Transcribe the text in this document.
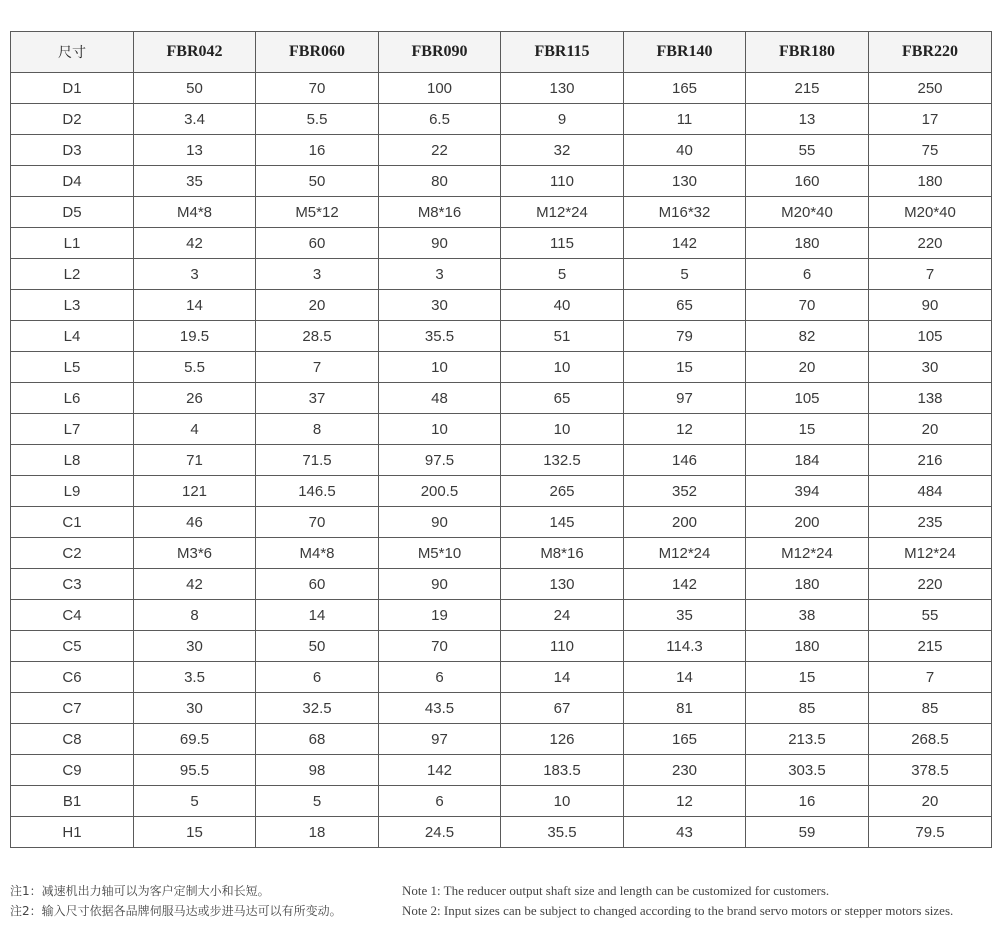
尺寸	FBR042	FBR060	FBR090	FBR115	FBR140	FBR180	FBR220
D1	50	70	100	130	165	215	250
D2	3.4	5.5	6.5	9	11	13	17
D3	13	16	22	32	40	55	75
D4	35	50	80	110	130	160	180
D5	M4*8	M5*12	M8*16	M12*24	M16*32	M20*40	M20*40
L1	42	60	90	115	142	180	220
L2	3	3	3	5	5	6	7
L3	14	20	30	40	65	70	90
L4	19.5	28.5	35.5	51	79	82	105
L5	5.5	7	10	10	15	20	30
L6	26	37	48	65	97	105	138
L7	4	8	10	10	12	15	20
L8	71	71.5	97.5	132.5	146	184	216
L9	121	146.5	200.5	265	352	394	484
C1	46	70	90	145	200	200	235
C2	M3*6	M4*8	M5*10	M8*16	M12*24	M12*24	M12*24
C3	42	60	90	130	142	180	220
C4	8	14	19	24	35	38	55
C5	30	50	70	110	114.3	180	215
C6	3.5	6	6	14	14	15	7
C7	30	32.5	43.5	67	81	85	85
C8	69.5	68	97	126	165	213.5	268.5
C9	95.5	98	142	183.5	230	303.5	378.5
B1	5	5	6	10	12	16	20
H1	15	18	24.5	35.5	43	59	79.5
注1：减速机出力轴可以为客户定制大小和长短。
注2：输入尺寸依据各品牌伺服马达或步进马达可以有所变动。
Note 1: The reducer output shaft size and length can be customized for customers.
Note 2: Input sizes can be subject to changed according to the brand servo motors or stepper motors sizes.
